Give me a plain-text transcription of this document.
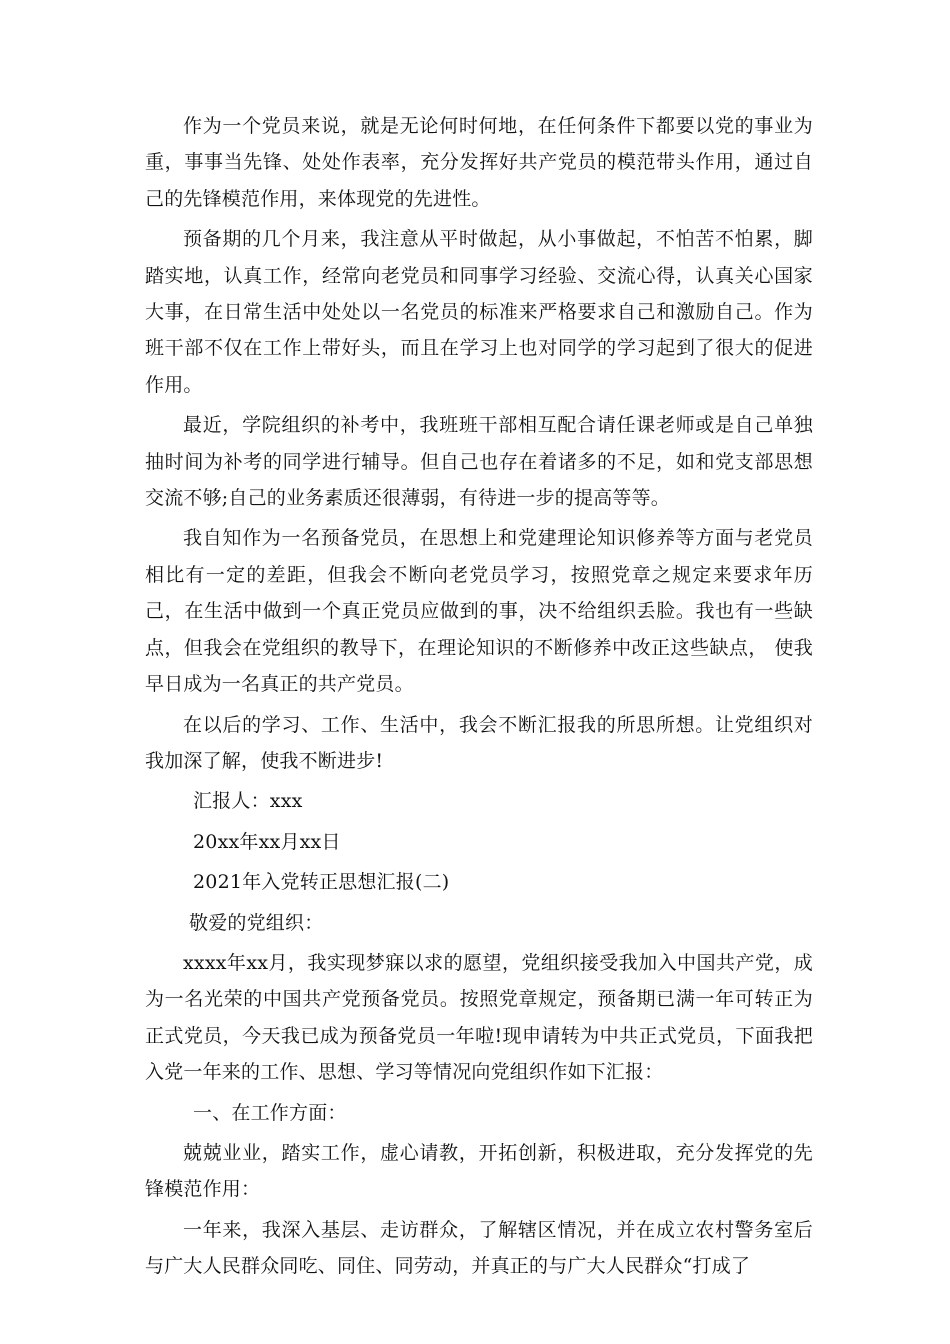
作为一个党员来说，就是无论何时何地，在任何条件下都要以党的事业为重，事事当先锋、处处作表率，充分发挥好共产党员的模范带头作用，通过自己的先锋模范作用，来体现党的先进性。

预备期的几个月来，我注意从平时做起，从小事做起，不怕苦不怕累，脚踏实地，认真工作，经常向老党员和同事学习经验、交流心得，认真关心国家大事，在日常生活中处处以一名党员的标准来严格要求自己和激励自己。作为班干部不仅在工作上带好头，而且在学习上也对同学的学习起到了很大的促进作用。

最近，学院组织的补考中，我班班干部相互配合请任课老师或是自己单独抽时间为补考的同学进行辅导。但自己也存在着诸多的不足，如和党支部思想交流不够;自己的业务素质还很薄弱，有待进一步的提高等等。

我自知作为一名预备党员，在思想上和党建理论知识修养等方面与老党员相比有一定的差距，但我会不断向老党员学习，按照党章之规定来要求年历己，在生活中做到一个真正党员应做到的事，决不给组织丢脸。我也有一些缺点，但我会在党组织的教导下，在理论知识的不断修养中改正这些缺点， 使我早日成为一名真正的共产党员。

在以后的学习、工作、生活中，我会不断汇报我的所思所想。让党组织对我加深了解，使我不断进步!

汇报人：xxx

20xx年xx月xx日

2021年入党转正思想汇报(二)

敬爱的党组织：

xxxx年xx月，我实现梦寐以求的愿望，党组织接受我加入中国共产党，成为一名光荣的中国共产党预备党员。按照党章规定，预备期已满一年可转正为正式党员，今天我已成为预备党员一年啦!现申请转为中共正式党员，下面我把入党一年来的工作、思想、学习等情况向党组织作如下汇报：

一、在工作方面：

兢兢业业，踏实工作，虚心请教，开拓创新，积极进取，充分发挥党的先锋模范作用：

一年来，我深入基层、走访群众，了解辖区情况，并在成立农村警务室后与广大人民群众同吃、同住、同劳动，并真正的与广大人民群众“打成了
